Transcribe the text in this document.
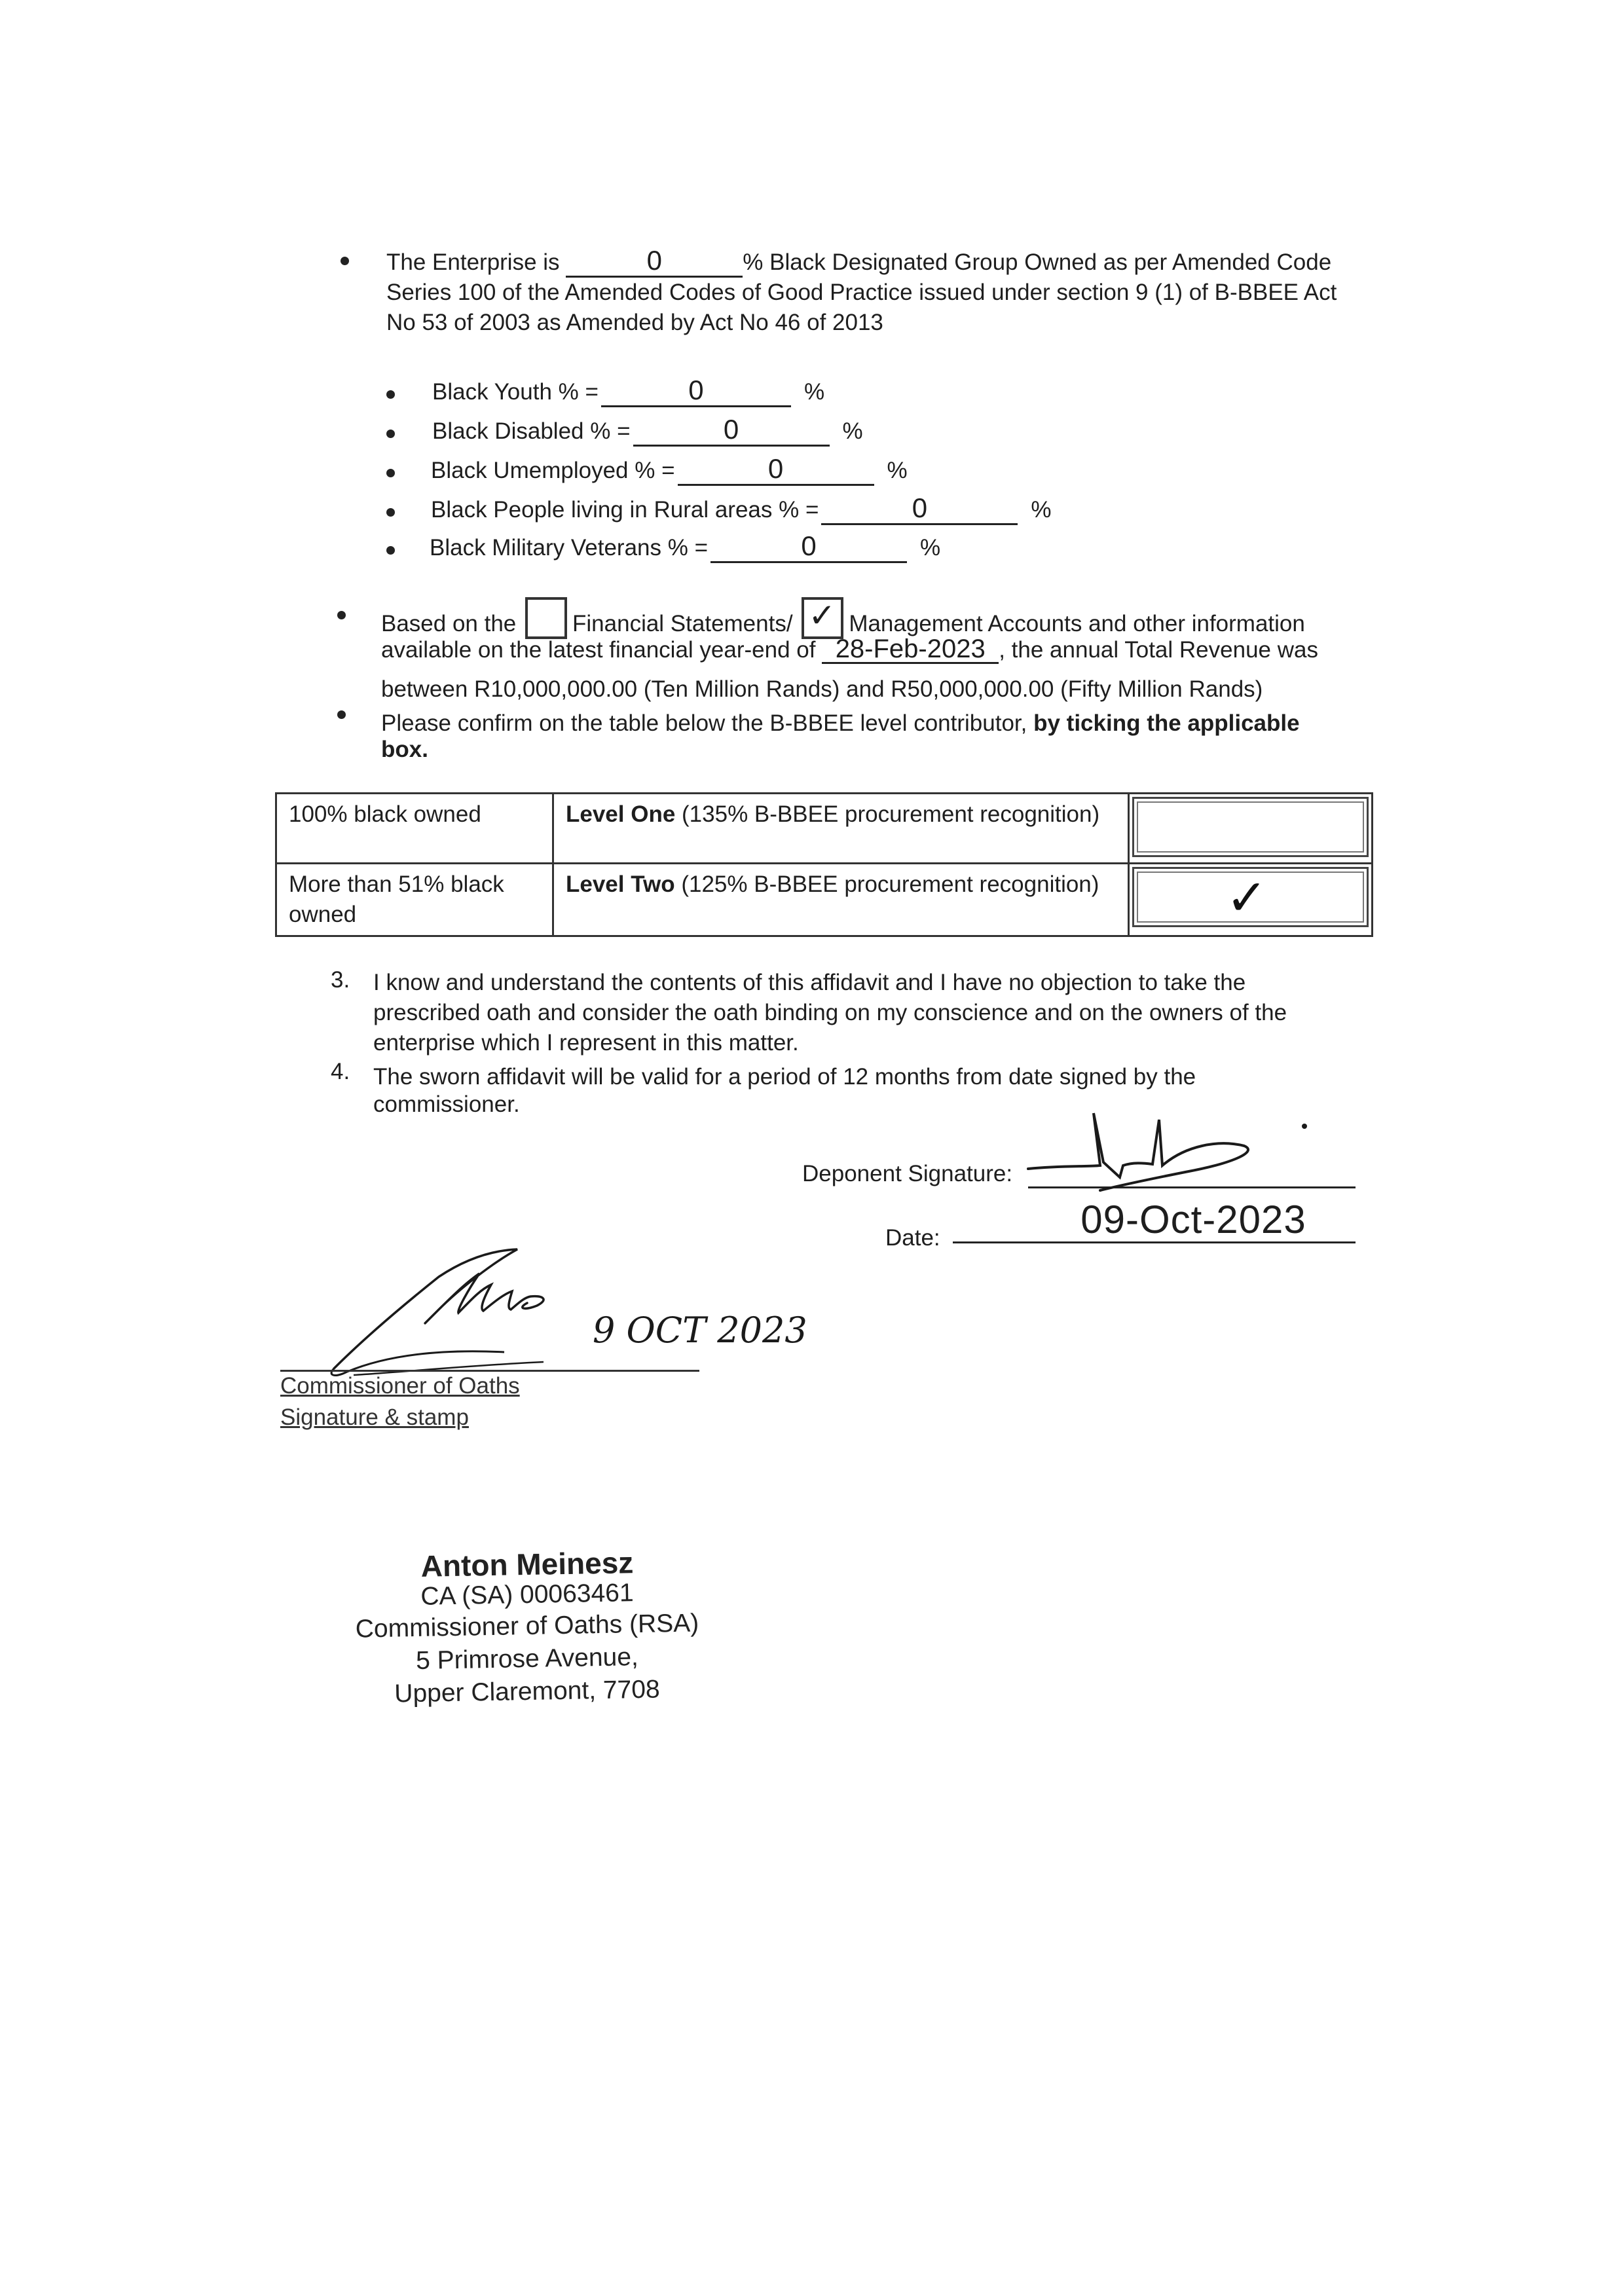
The Enterprise is	0	% Black Designated Group Owned as per Amended Code
Series 100 of the Amended Codes of Good Practice issued under section 9 (1) of B-BBEE Act
No 53 of 2003 as Amended by Act No 46 of 2013
Black Youth % =	0	%
Black Disabled % =	0	%
Black Umemployed % =	0	%
Black People living in Rural areas % =	0	%
Black Military Veterans % =	0	%
Based on the Financial Statements/ ✓ Management Accounts and other information
available on the latest financial year-end of 28-Feb-2023 , the annual Total Revenue was
between R10,000,000.00 (Ten Million Rands) and R50,000,000.00 (Fifty Million Rands)
Please confirm on the table below the B-BBEE level contributor, by ticking the applicable
box.
100% black owned	Level One (135% B-BBEE procurement recognition)	

More than 51% black owned	Level Two (125% B-BBEE procurement recognition)	✓
3. I know and understand the contents of this affidavit and I have no objection to take the
prescribed oath and consider the oath binding on my conscience and on the owners of the
enterprise which I represent in this matter.
4. The sworn affidavit will be valid for a period of 12 months from date signed by the
commissioner.
Deponent Signature:
Date:	09-Oct-2023
9 OCT 2023
Commissioner of Oaths
Signature & stamp
Anton Meinesz
CA (SA) 00063461
Commissioner of Oaths (RSA)
5 Primrose Avenue,
Upper Claremont, 7708
